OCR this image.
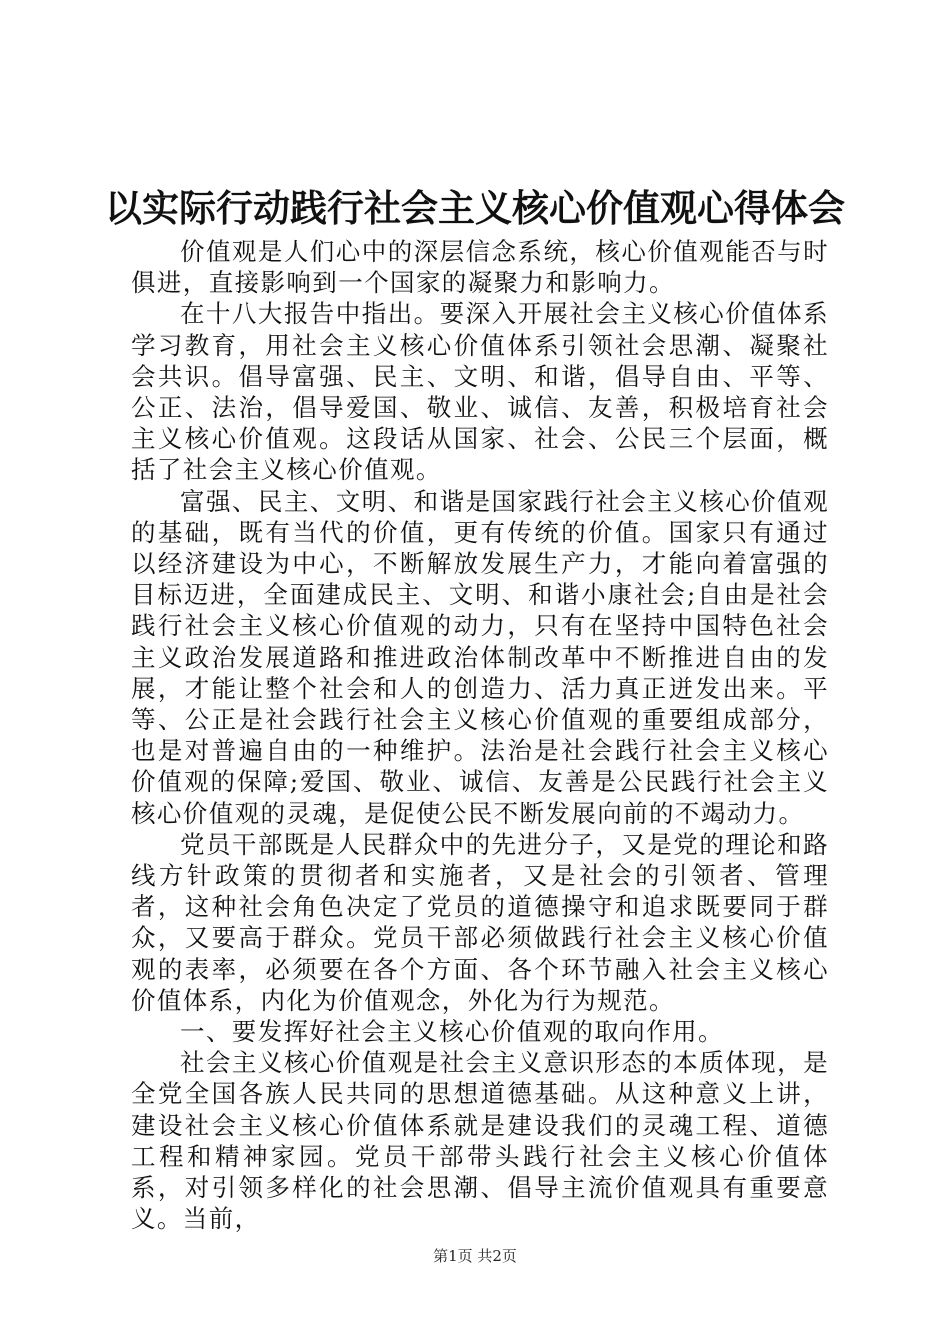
以实际行动践行社会主义核心价值观心得体会

价值观是人们心中的深层信念系统，核心价值观能否与时俱进，直接影响到一个国家的凝聚力和影响力。

在十八大报告中指出。要深入开展社会主义核心价值体系学习教育，用社会主义核心价值体系引领社会思潮、凝聚社会共识。倡导富强、民主、文明、和谐，倡导自由、平等、公正、法治，倡导爱国、敬业、诚信、友善，积极培育社会主义核心价值观。这段话从国家、社会、公民三个层面，概括了社会主义核心价值观。

富强、民主、文明、和谐是国家践行社会主义核心价值观的基础，既有当代的价值，更有传统的价值。国家只有通过以经济建设为中心，不断解放发展生产力，才能向着富强的目标迈进，全面建成民主、文明、和谐小康社会;自由是社会践行社会主义核心价值观的动力，只有在坚持中国特色社会主义政治发展道路和推进政治体制改革中不断推进自由的发展，才能让整个社会和人的创造力、活力真正迸发出来。平等、公正是社会践行社会主义核心价值观的重要组成部分，也是对普遍自由的一种维护。法治是社会践行社会主义核心价值观的保障;爱国、敬业、诚信、友善是公民践行社会主义核心价值观的灵魂，是促使公民不断发展向前的不竭动力。

党员干部既是人民群众中的先进分子，又是党的理论和路线方针政策的贯彻者和实施者，又是社会的引领者、管理者，这种社会角色决定了党员的道德操守和追求既要同于群众，又要高于群众。党员干部必须做践行社会主义核心价值观的表率，必须要在各个方面、各个环节融入社会主义核心价值体系，内化为价值观念，外化为行为规范。

一、要发挥好社会主义核心价值观的取向作用。

社会主义核心价值观是社会主义意识形态的本质体现，是全党全国各族人民共同的思想道德基础。从这种意义上讲，建设社会主义核心价值体系就是建设我们的灵魂工程、道德工程和精神家园。党员干部带头践行社会主义核心价值体系，对引领多样化的社会思潮、倡导主流价值观具有重要意义。当前，

第1页 共2页
